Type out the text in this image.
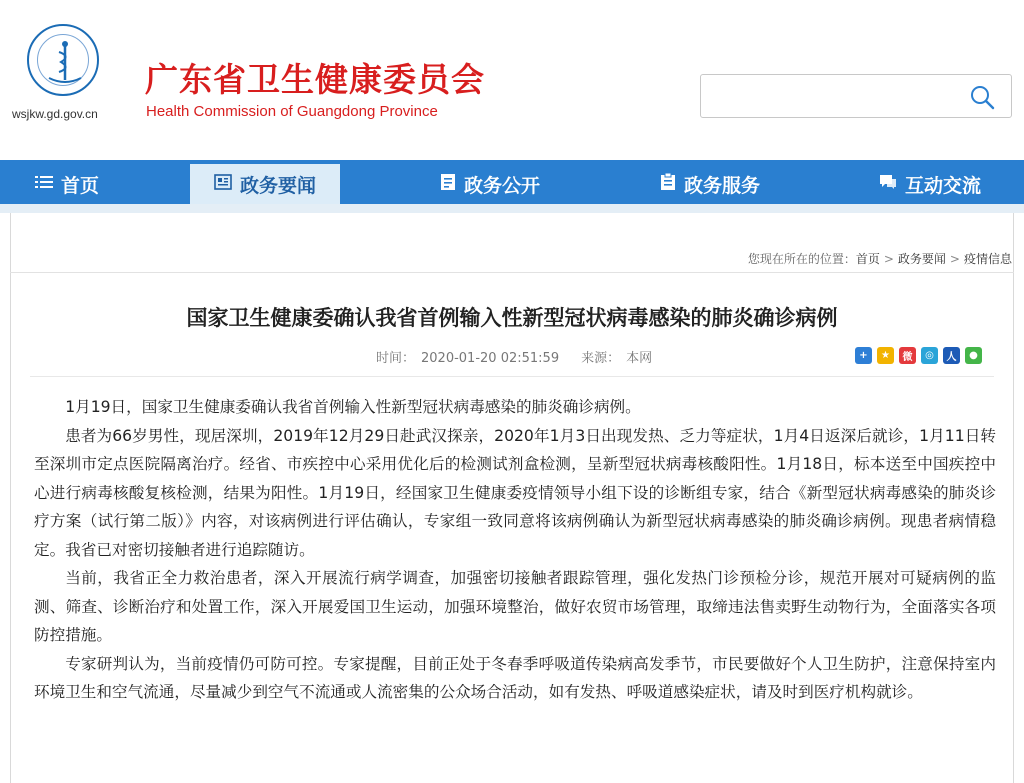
wsjkw.gd.gov.cn
广东省卫生健康委员会
Health Commission of Guangdong Province
首页	政务要闻	政务公开	政务服务	互动交流
您现在所在的位置：首页 > 政务要闻 > 疫情信息
国家卫生健康委确认我省首例输入性新型冠状病毒感染的肺炎确诊病例
时间： 2020-01-20 02:51:59 来源： 本网	+	★	微	◎	人	●

1月19日，国家卫生健康委确认我省首例输入性新型冠状病毒感染的肺炎确诊病例。

患者为66岁男性，现居深圳，2019年12月29日赴武汉探亲，2020年1月3日出现发热、乏力等症状，1月4日返深后就诊，1月11日转至深圳市定点医院隔离治疗。经省、市疾控中心采用优化后的检测试剂盒检测，呈新型冠状病毒核酸阳性。1月18日，标本送至中国疾控中心进行病毒核酸复核检测，结果为阳性。1月19日，经国家卫生健康委疫情领导小组下设的诊断组专家，结合《新型冠状病毒感染的肺炎诊疗方案（试行第二版）》内容，对该病例进行评估确认，专家组一致同意将该病例确认为新型冠状病毒感染的肺炎确诊病例。现患者病情稳定。我省已对密切接触者进行追踪随访。

当前，我省正全力救治患者，深入开展流行病学调查，加强密切接触者跟踪管理，强化发热门诊预检分诊，规范开展对可疑病例的监测、筛查、诊断治疗和处置工作，深入开展爱国卫生运动，加强环境整治，做好农贸市场管理，取缔违法售卖野生动物行为，全面落实各项防控措施。

专家研判认为，当前疫情仍可防可控。专家提醒，目前正处于冬春季呼吸道传染病高发季节，市民要做好个人卫生防护，注意保持室内环境卫生和空气流通，尽量减少到空气不流通或人流密集的公众场合活动，如有发热、呼吸道感染症状，请及时到医疗机构就诊。
